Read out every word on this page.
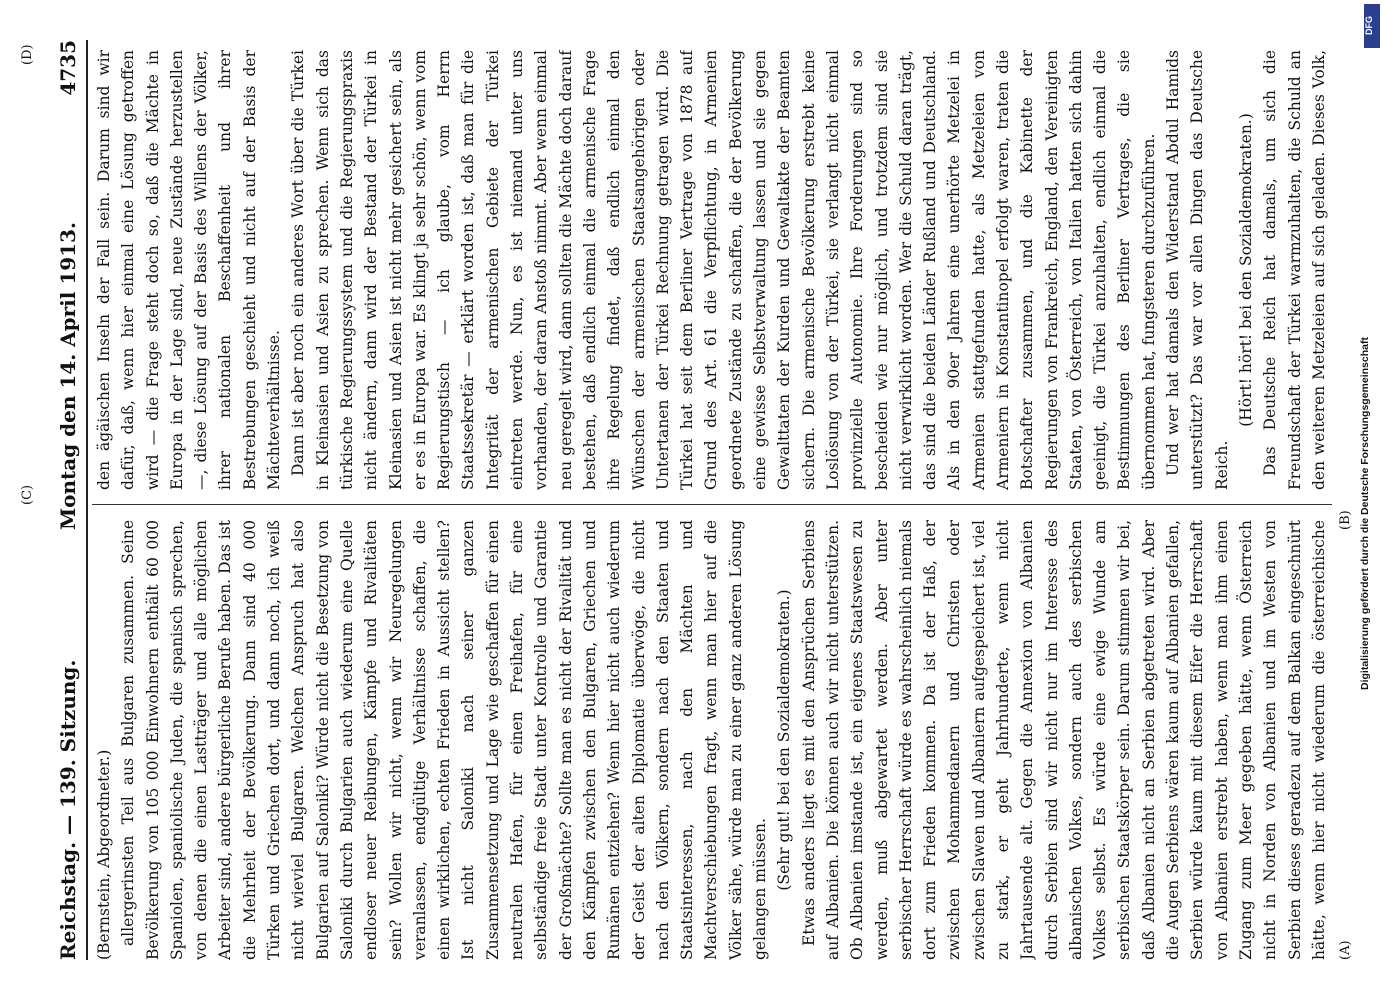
Reichstag. — 139. Sitzung.
Montag den 14. April 1913.
4735
(A)
(B)
(C)
(D)

(Bernstein, Abgeordneter.) allergerinsten Teil aus Bulgaren zusammen. Seine Bevölkerung von 105 000 Einwohnern enthält 60 000 Spaniolen, spaniolische Juden, die spanisch sprechen, von denen die einen Lastträger und alle möglichen Arbeiter sind, andere bürgerliche Berufe haben. Das ist die Mehrheit der Bevölkerung. Dann sind 40 000 Türken und Griechen dort, und dann noch, ich weiß nicht wieviel Bulgaren. Welchen Anspruch hat also Bulgarien auf Saloniki? Würde nicht die Besetzung von Saloniki durch Bulgarien auch wiederum eine Quelle endloser neuer Reibungen, Kämpfe und Rivalitäten sein? Wollen wir nicht, wenn wir Neuregelungen veranlassen, endgültige Verhältnisse schaffen, die einen wirklichen, echten Frieden in Aussicht stellen? Ist nicht Saloniki nach seiner ganzen Zusammensetzung und Lage wie geschaffen für einen neutralen Hafen, für einen Freihafen, für eine selbständige freie Stadt unter Kontrolle und Garantie der Großmächte? Sollte man es nicht der Rivalität und den Kämpfen zwischen den Bulgaren, Griechen und Rumänen entziehen? Wenn hier nicht auch wiederum der Geist der alten Diplomatie überwöge, die nicht nach den Völkern, sondern nach den Staaten und Staatsinteressen, nach den Mächten und Machtverschiebungen fragt, wenn man hier auf die Völker sähe, würde man zu einer ganz anderen Lösung gelangen müssen. (Sehr gut! bei den Sozialdemokraten.)

Etwas anders liegt es mit den Ansprüchen Serbiens auf Albanien. Die können auch wir nicht unterstützen. Ob Albanien imstande ist, ein eigenes Staatswesen zu werden, muß abgewartet werden. Aber unter serbischer Herrschaft würde es wahrscheinlich niemals dort zum Frieden kommen. Da ist der Haß, der zwischen Mohammedanern und Christen oder zwischen Slawen und Albaniern aufgespeichert ist, viel zu stark, er geht Jahrhunderte, wenn nicht Jahrtausende alt. Gegen die Annexion von Albanien durch Serbien sind wir nicht nur im Interesse des albanischen Volkes, sondern auch des serbischen Volkes selbst. Es würde eine ewige Wunde am serbischen Staatskörper sein. Darum stimmen wir bei, daß Albanien nicht an Serbien abgetreten wird. Aber die Augen Serbiens wären kaum auf Albanien gefallen, Serbien würde kaum mit diesem Eifer die Herrschaft von Albanien erstrebt haben, wenn man ihm einen Zugang zum Meer gegeben hätte, wenn Österreich nicht in Norden von Albanien und im Westen von Serbien dieses geradezu auf dem Balkan eingeschnürt hätte, wenn hier nicht wiederum die österreichische

den ägäischen Inseln der Fall sein. Darum sind wir dafür, daß, wenn hier einmal eine Lösung getroffen wird — die Frage steht doch so, daß die Mächte in Europa in der Lage sind, neue Zustände herzustellen —, diese Lösung auf der Basis des Willens der Völker, ihrer nationalen Beschaffenheit und ihrer Bestrebungen geschieht und nicht auf der Basis der Mächteverhältnisse. Dann ist aber noch ein anderes Wort über die Türkei in Kleinasien und Asien zu sprechen. Wenn sich das türkische Regierungssystem und die Regierungspraxis nicht ändern, dann wird der Bestand der Türkei in Kleinasien und Asien ist nicht mehr gesichert sein, als er es in Europa war. Es klingt ja sehr schön, wenn vom Regierungstisch — ich glaube, vom Herrn Staatssekretär — erklärt worden ist, daß man für die Integrität der armenischen Gebiete der Türkei eintreten werde. Nun, es ist niemand unter uns vorhanden, der daran Anstoß nimmt. Aber wenn einmal neu geregelt wird, dann sollten die Mächte doch darauf bestehen, daß endlich einmal die armenische Frage ihre Regelung findet, daß endlich einmal den Wünschen der armenischen Staatsangehörigen oder Untertanen der Türkei Rechnung getragen wird. Die Türkei hat seit dem Berliner Vertrage von 1878 auf Grund des Art. 61 die Verpflichtung, in Armenien geordnete Zustände zu schaffen, die der Bevölkerung eine gewisse Selbstverwaltung lassen und sie gegen Gewalttaten der Kurden und Gewaltakte der Beamten sichern. Die armenische Bevölkerung erstrebt keine Loslösung von der Türkei, sie verlangt nicht einmal provinzielle Autonomie. Ihre Forderungen sind so bescheiden wie nur möglich, und trotzdem sind sie nicht verwirklicht worden. Wer die Schuld daran trägt, das sind die beiden Länder Rußland und Deutschland. Als in den 90er Jahren eine unerhörte Metzelei in Armenien stattgefunden hatte, als Metzeleien von Armeniern in Konstantinopel erfolgt waren, traten die Botschafter zusammen, und die Kabinette der Regierungen von Frankreich, England, den Vereinigten Staaten, von Österreich, von Italien hatten sich dahin geeinigt, die Türkei anzuhalten, endlich einmal die Bestimmungen des Berliner Vertrages, die sie übernommen hat, fungsteren durchzuführen. Und wer hat damals den Widerstand Abdul Hamids unterstützt? Das war vor allen Dingen das Deutsche Reich.

(Hört! hört! bei den Sozialdemokraten.)

Das Deutsche Reich hat damals, um sich die Freundschaft der Türkei warmzuhalten, die Schuld an den weiteren Metzeleien auf sich geladen. Dieses Volk,

DFG
Digitalisierung gefördert durch die Deutsche Forschungsgemeinschaft
